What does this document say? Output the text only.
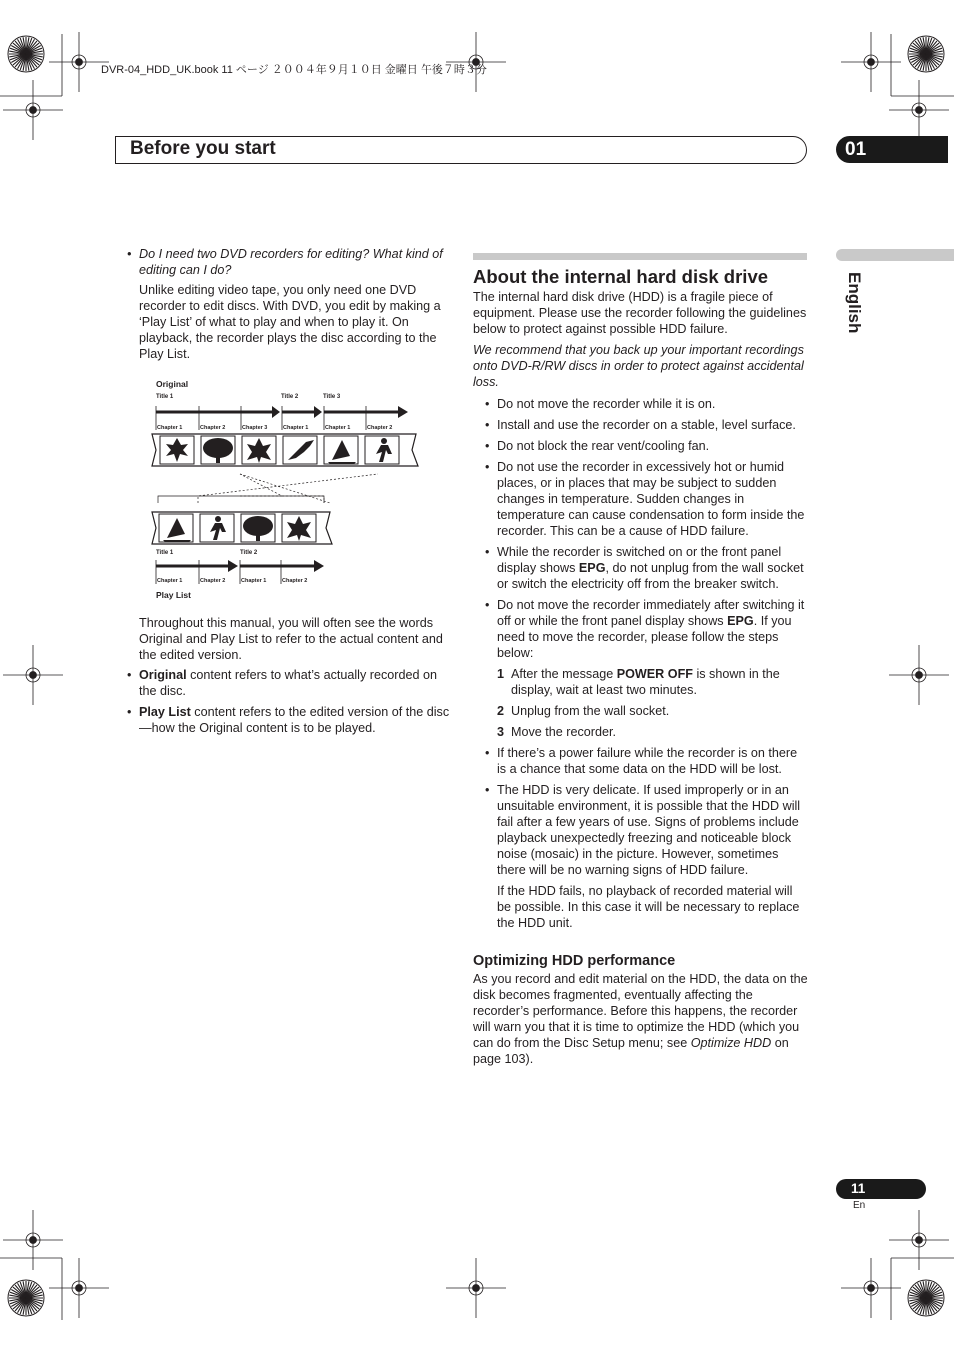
DVR-04_HDD_UK.book 11 ページ ２００４年９月１０日 金曜日 午後７時３分
Before you start	01
English

• Do I need two DVD recorders for editing? What kind of editing can I do?

Unlike editing video tape, you only need one DVD recorder to edit discs. With DVD, you edit by making a ‘Play List’ of what to play and when to play it. On playback, the recorder plays the disc according to the Play List.

Original
Title 1	Title 2	Title 3
Chapter 1	Chapter 2	Chapter 3	Chapter 1	Chapter 1	Chapter 2
Title 1	Title 2
Chapter 1	Chapter 2	Chapter 1	Chapter 2
Play List

Throughout this manual, you will often see the words Original and Play List to refer to the actual content and the edited version.

• Original content refers to what’s actually recorded on the disc.

• Play List content refers to the edited version of the disc—how the Original content is to be played.

About the internal hard disk drive

The internal hard disk drive (HDD) is a fragile piece of equipment. Please use the recorder following the guidelines below to protect against possible HDD failure.

We recommend that you back up your important recordings onto DVD-R/RW discs in order to protect against accidental loss.

• Do not move the recorder while it is on.

• Install and use the recorder on a stable, level surface.

• Do not block the rear vent/cooling fan.

• Do not use the recorder in excessively hot or humid places, or in places that may be subject to sudden changes in temperature. Sudden changes in temperature can cause condensation to form inside the recorder. This can be a cause of HDD failure.

• While the recorder is switched on or the front panel display shows EPG, do not unplug from the wall socket or switch the electricity off from the breaker switch.

• Do not move the recorder immediately after switching it off or while the front panel display shows EPG. If you need to move the recorder, please follow the steps below:

1 After the message POWER OFF is shown in the display, wait at least two minutes.

2 Unplug from the wall socket.

3 Move the recorder.

• If there’s a power failure while the recorder is on there is a chance that some data on the HDD will be lost.

• The HDD is very delicate. If used improperly or in an unsuitable environment, it is possible that the HDD will fail after a few years of use. Signs of problems include playback unexpectedly freezing and noticeable block noise (mosaic) in the picture. However, sometimes there will be no warning signs of HDD failure.

If the HDD fails, no playback of recorded material will be possible. In this case it will be necessary to replace the HDD unit.

Optimizing HDD performance

As you record and edit material on the HDD, the data on the disk becomes fragmented, eventually affecting the recorder’s performance. Before this happens, the recorder will warn you that it is time to optimize the HDD (which you can do from the Disc Setup menu; see Optimize HDD on page 103).

11
En
